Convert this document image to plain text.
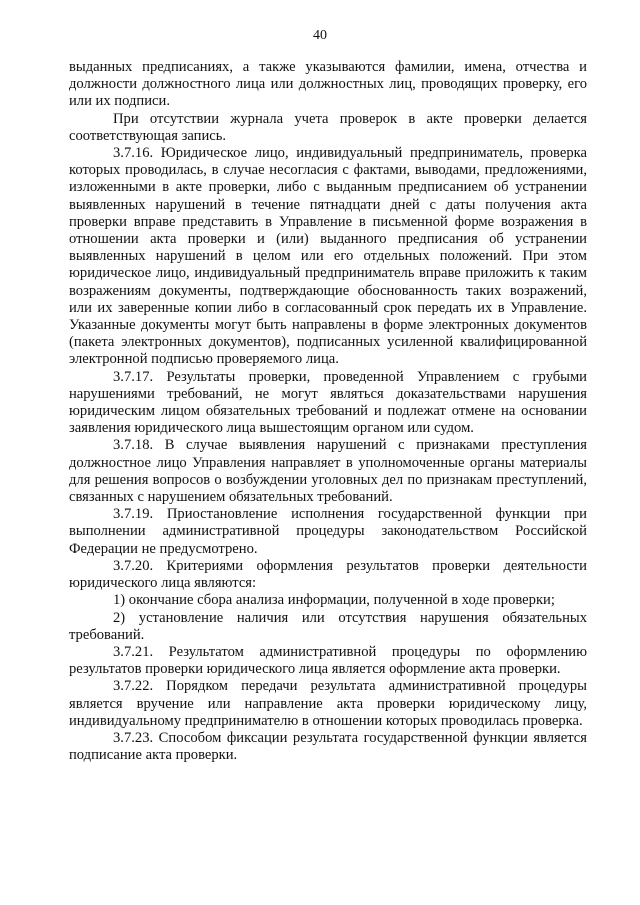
40

выданных предписаниях, а также указываются фамилии, имена, отчества и должности должностного лица или должностных лиц, проводящих проверку, его или их подписи.

При отсутствии журнала учета проверок в акте проверки делается соответствующая запись.

3.7.16. Юридическое лицо, индивидуальный предприниматель, проверка которых проводилась, в случае несогласия с фактами, выводами, предложениями, изложенными в акте проверки, либо с выданным предписанием об устранении выявленных нарушений в течение пятнадцати дней с даты получения акта проверки вправе представить в Управление в письменной форме возражения в отношении акта проверки и (или) выданного предписания об устранении выявленных нарушений в целом или его отдельных положений. При этом юридическое лицо, индивидуальный предприниматель вправе приложить к таким возражениям документы, подтверждающие обоснованность таких возражений, или их заверенные копии либо в согласованный срок передать их в Управление. Указанные документы могут быть направлены в форме электронных документов (пакета электронных документов), подписанных усиленной квалифицированной электронной подписью проверяемого лица.

3.7.17. Результаты проверки, проведенной Управлением с грубыми нарушениями требований, не могут являться доказательствами нарушения юридическим лицом обязательных требований и подлежат отмене на основании заявления юридического лица вышестоящим органом или судом.

3.7.18. В случае выявления нарушений с признаками преступления должностное лицо Управления направляет в уполномоченные органы материалы для решения вопросов о возбуждении уголовных дел по признакам преступлений, связанных с нарушением обязательных требований.

3.7.19. Приостановление исполнения государственной функции при выполнении административной процедуры законодательством Российской Федерации не предусмотрено.

3.7.20. Критериями оформления результатов проверки деятельности юридического лица являются:

1) окончание сбора анализа информации, полученной в ходе проверки;

2) установление наличия или отсутствия нарушения обязательных требований.

3.7.21. Результатом административной процедуры по оформлению результатов проверки юридического лица является оформление акта проверки.

3.7.22. Порядком передачи результата административной процедуры является вручение или направление акта проверки юридическому лицу, индивидуальному предпринимателю в отношении которых проводилась проверка.

3.7.23. Способом фиксации результата государственной функции является подписание акта проверки.
